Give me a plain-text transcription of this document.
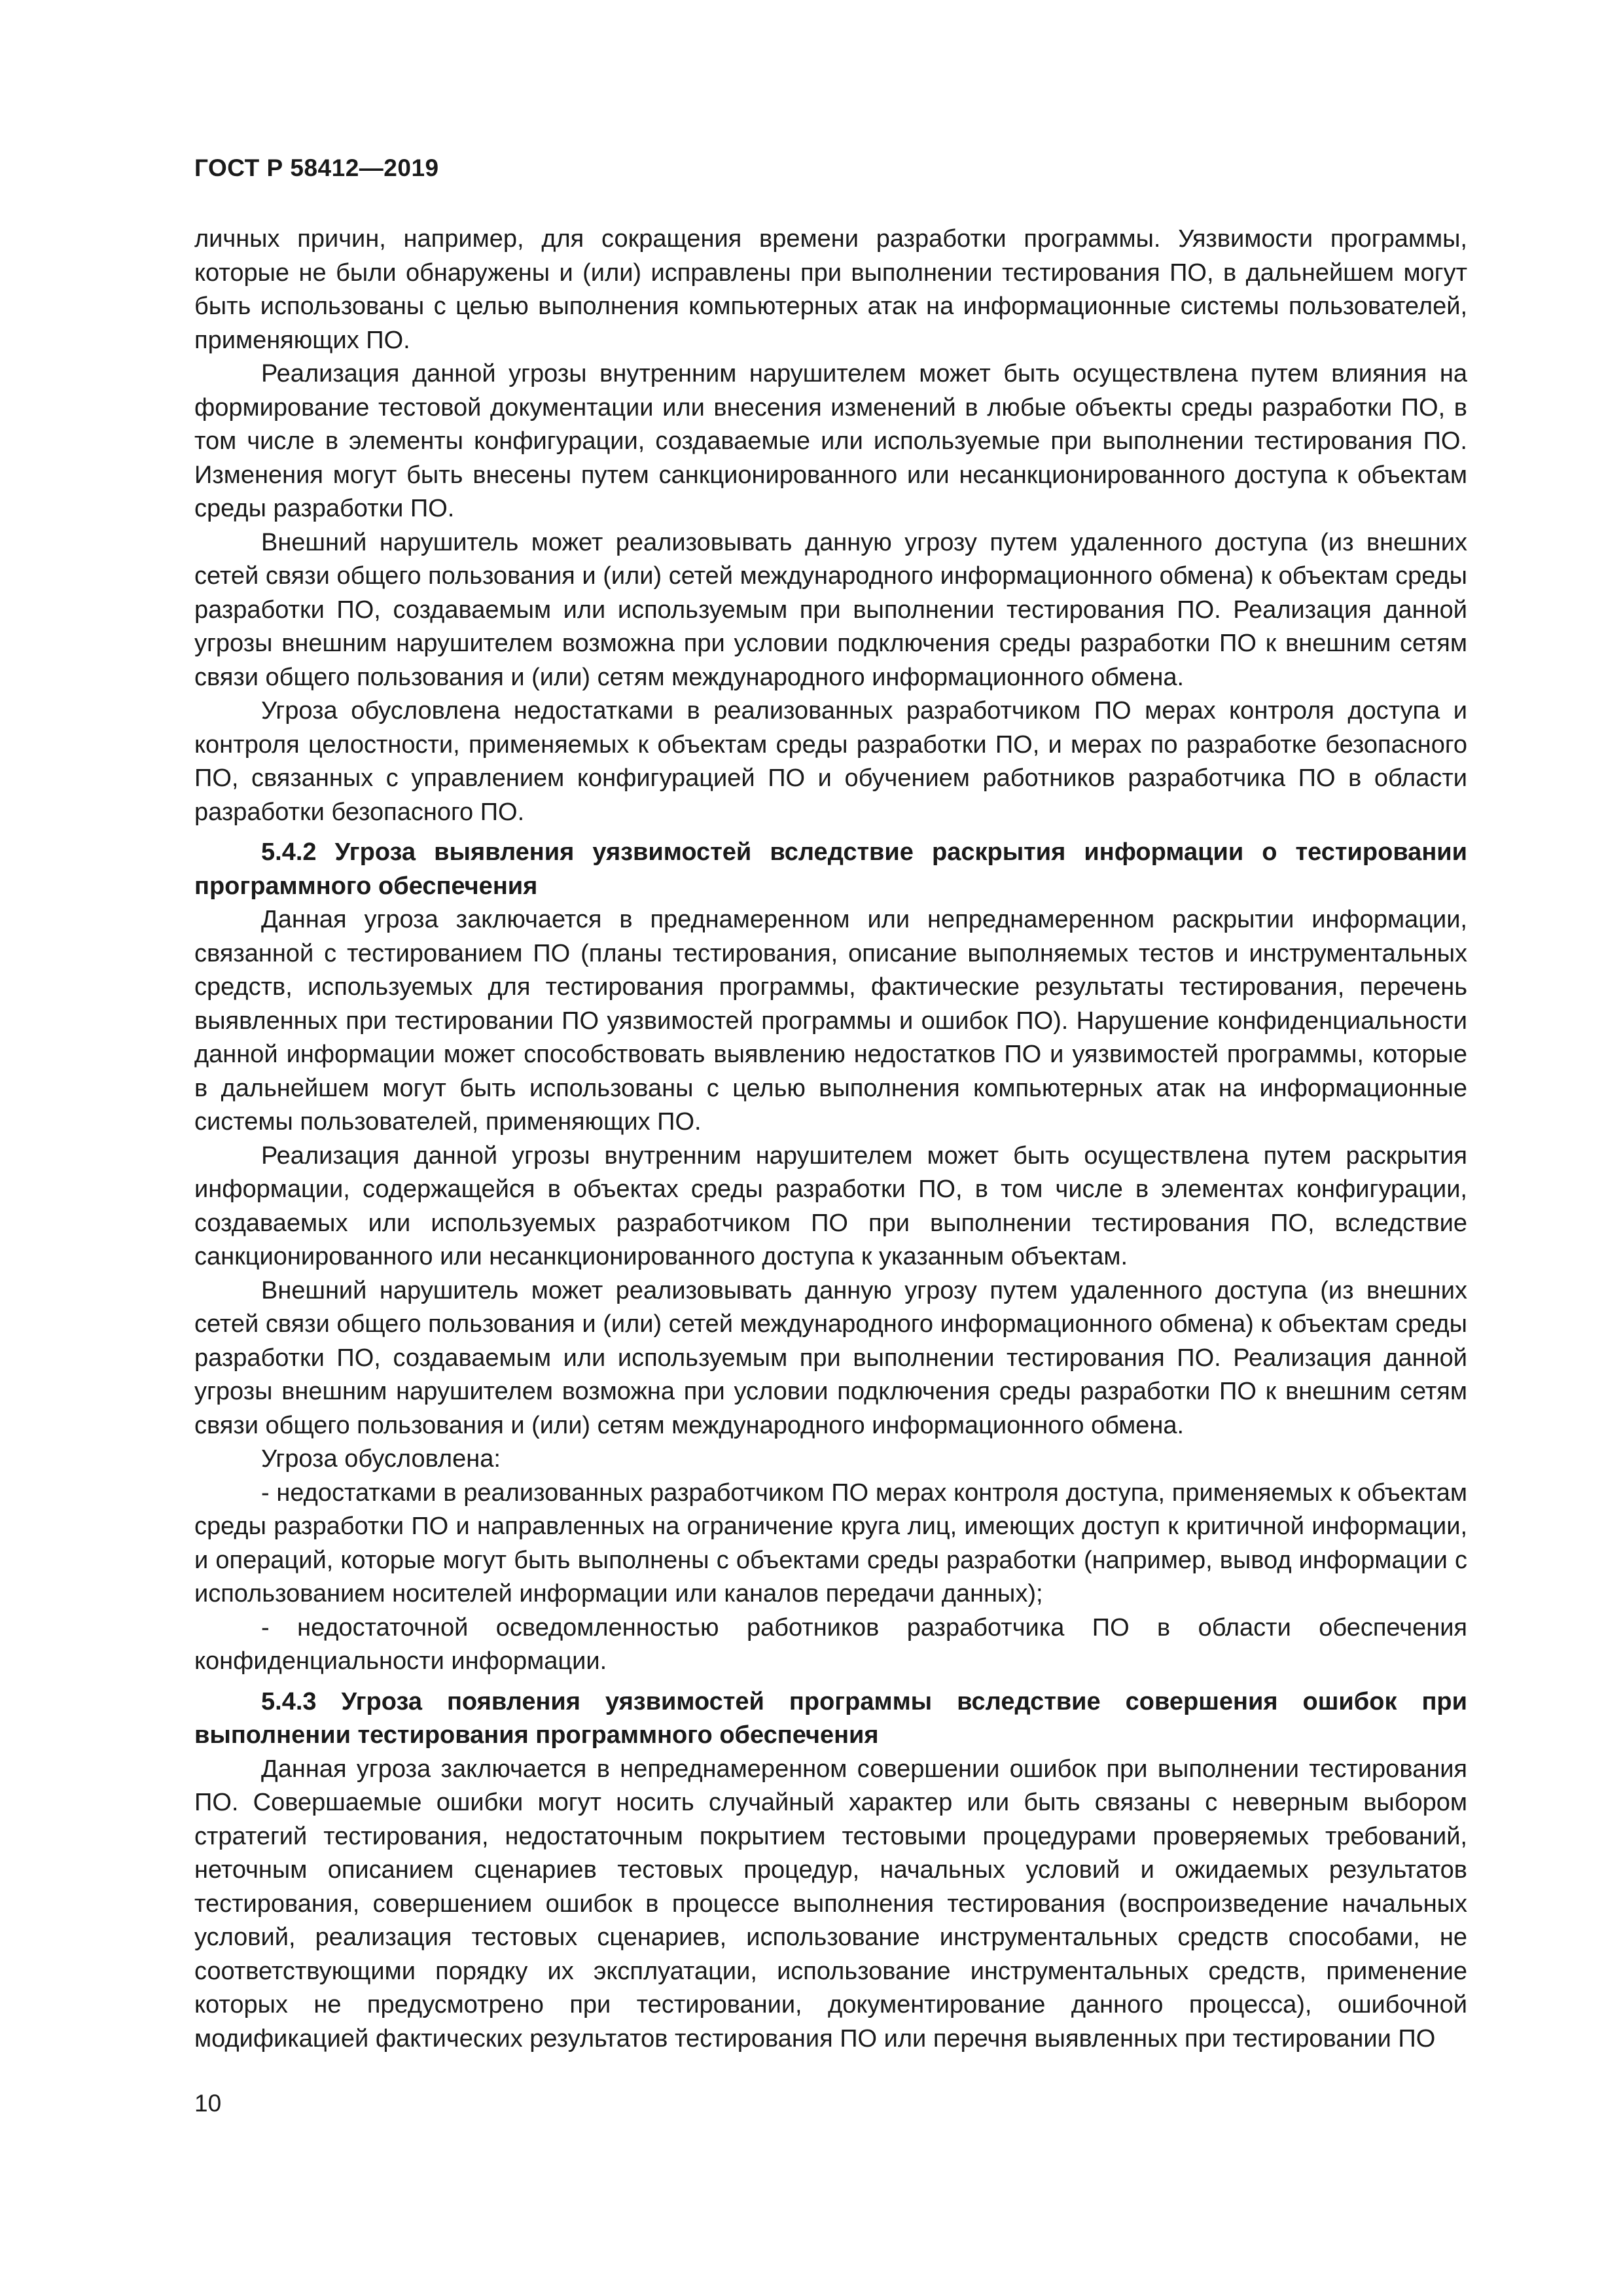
ГОСТ Р 58412—2019

личных причин, например, для сокращения времени разработки программы. Уязвимости программы, которые не были обнаружены и (или) исправлены при выполнении тестирования ПО, в дальнейшем могут быть использованы с целью выполнения компьютерных атак на информационные системы пользователей, применяющих ПО.

Реализация данной угрозы внутренним нарушителем может быть осуществлена путем влияния на формирование тестовой документации или внесения изменений в любые объекты среды разработки ПО, в том числе в элементы конфигурации, создаваемые или используемые при выполнении тестирования ПО. Изменения могут быть внесены путем санкционированного или несанкционированного доступа к объектам среды разработки ПО.

Внешний нарушитель может реализовывать данную угрозу путем удаленного доступа (из внешних сетей связи общего пользования и (или) сетей международного информационного обмена) к объектам среды разработки ПО, создаваемым или используемым при выполнении тестирования ПО. Реализация данной угрозы внешним нарушителем возможна при условии подключения среды разработки ПО к внешним сетям связи общего пользования и (или) сетям международного информационного обмена.

Угроза обусловлена недостатками в реализованных разработчиком ПО мерах контроля доступа и контроля целостности, применяемых к объектам среды разработки ПО, и мерах по разработке безопасного ПО, связанных с управлением конфигурацией ПО и обучением работников разработчика ПО в области разработки безопасного ПО.

5.4.2 Угроза выявления уязвимостей вследствие раскрытия информации о тестировании программного обеспечения

Данная угроза заключается в преднамеренном или непреднамеренном раскрытии информации, связанной с тестированием ПО (планы тестирования, описание выполняемых тестов и инструментальных средств, используемых для тестирования программы, фактические результаты тестирования, перечень выявленных при тестировании ПО уязвимостей программы и ошибок ПО). Нарушение конфиденциальности данной информации может способствовать выявлению недостатков ПО и уязвимостей программы, которые в дальнейшем могут быть использованы с целью выполнения компьютерных атак на информационные системы пользователей, применяющих ПО.

Реализация данной угрозы внутренним нарушителем может быть осуществлена путем раскрытия информации, содержащейся в объектах среды разработки ПО, в том числе в элементах конфигурации, создаваемых или используемых разработчиком ПО при выполнении тестирования ПО, вследствие санкционированного или несанкционированного доступа к указанным объектам.

Внешний нарушитель может реализовывать данную угрозу путем удаленного доступа (из внешних сетей связи общего пользования и (или) сетей международного информационного обмена) к объектам среды разработки ПО, создаваемым или используемым при выполнении тестирования ПО. Реализация данной угрозы внешним нарушителем возможна при условии подключения среды разработки ПО к внешним сетям связи общего пользования и (или) сетям международного информационного обмена.

Угроза обусловлена:

- недостатками в реализованных разработчиком ПО мерах контроля доступа, применяемых к объектам среды разработки ПО и направленных на ограничение круга лиц, имеющих доступ к критичной информации, и операций, которые могут быть выполнены с объектами среды разработки (например, вывод информации с использованием носителей информации или каналов передачи данных);

- недостаточной осведомленностью работников разработчика ПО в области обеспечения конфиденциальности информации.

5.4.3 Угроза появления уязвимостей программы вследствие совершения ошибок при выполнении тестирования программного обеспечения

Данная угроза заключается в непреднамеренном совершении ошибок при выполнении тестирования ПО. Совершаемые ошибки могут носить случайный характер или быть связаны с неверным выбором стратегий тестирования, недостаточным покрытием тестовыми процедурами проверяемых требований, неточным описанием сценариев тестовых процедур, начальных условий и ожидаемых результатов тестирования, совершением ошибок в процессе выполнения тестирования (воспроизведение начальных условий, реализация тестовых сценариев, использование инструментальных средств способами, не соответствующими порядку их эксплуатации, использование инструментальных средств, применение которых не предусмотрено при тестировании, документирование данного процесса), ошибочной модификацией фактических результатов тестирования ПО или перечня выявленных при тестировании ПО

10
